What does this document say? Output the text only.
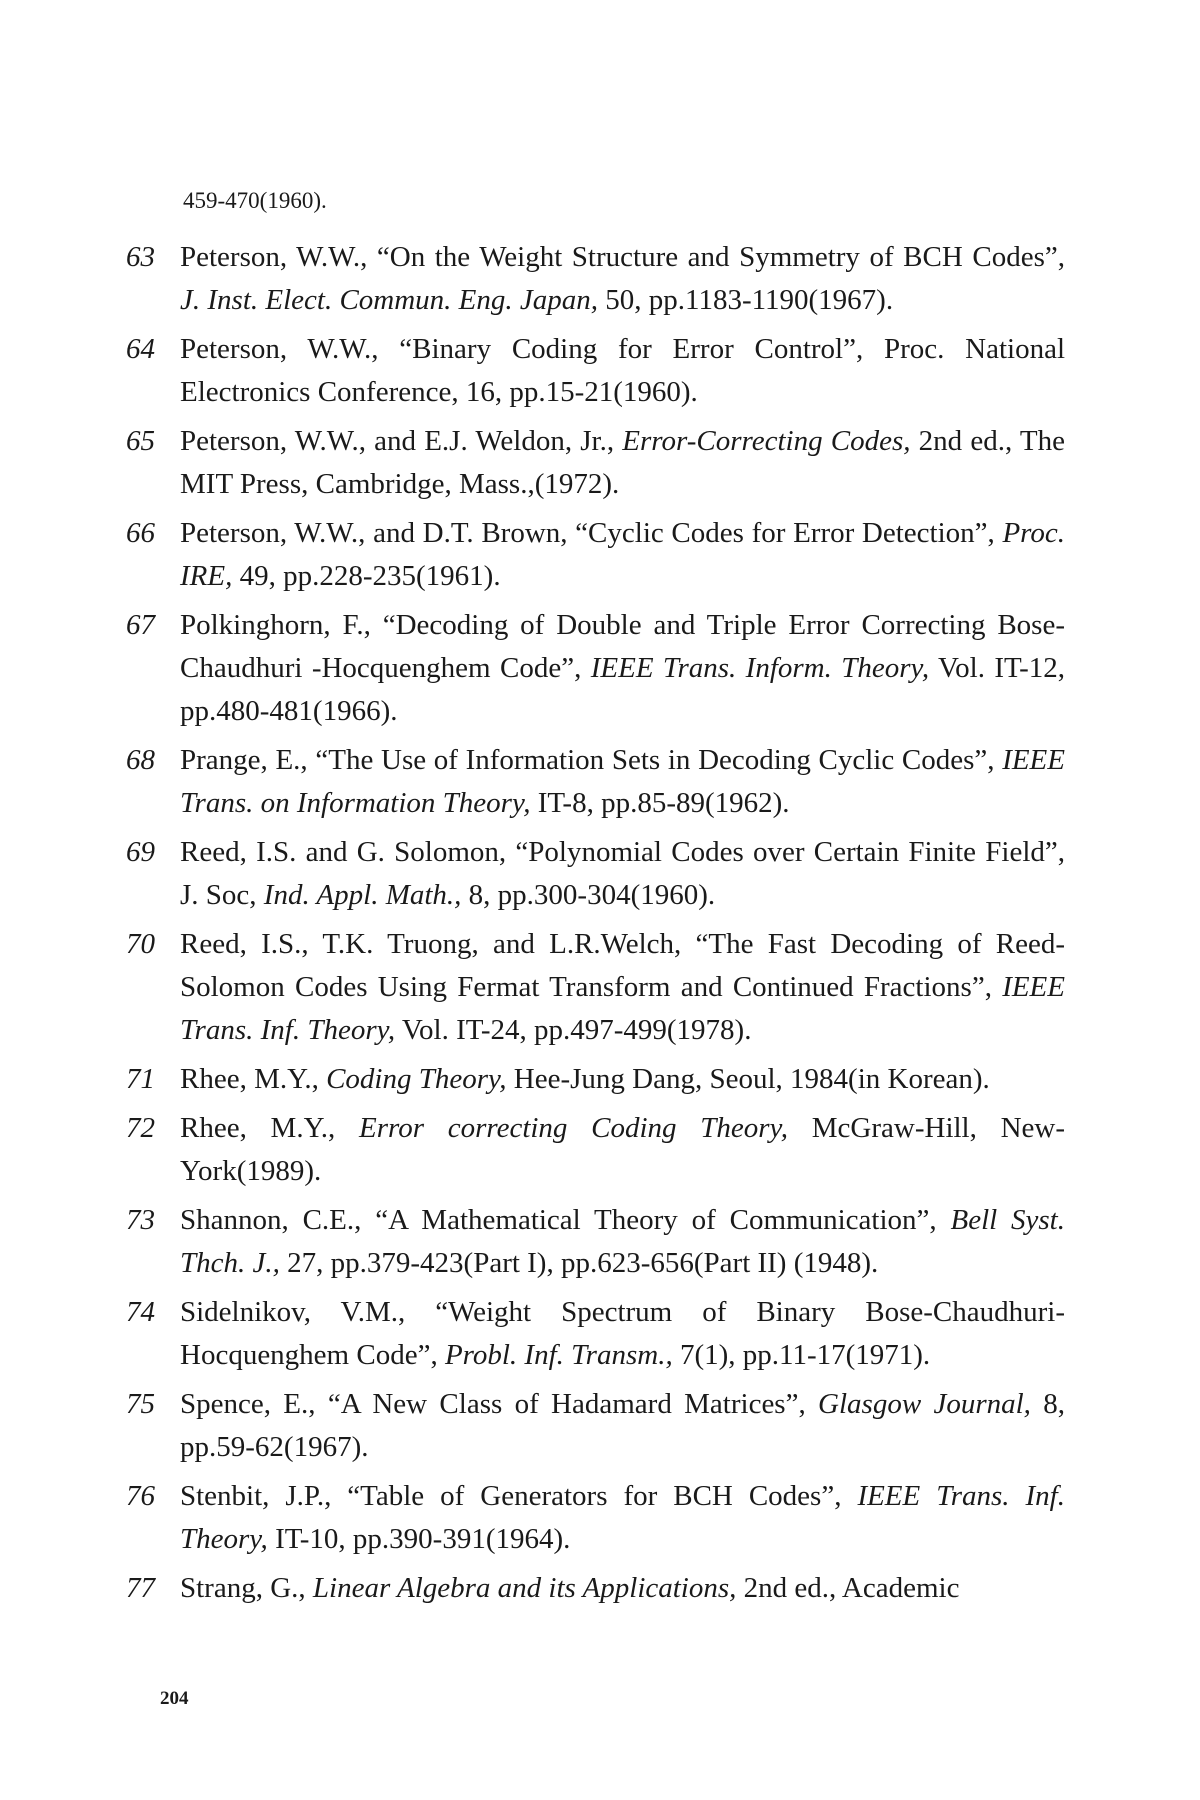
459-470(1960).
63 Peterson, W.W., “On the Weight Structure and Symmetry of BCH Codes”, J. Inst. Elect. Commun. Eng. Japan, 50, pp.1183-1190(1967).
64 Peterson, W.W., “Binary Coding for Error Control”, Proc. National Electronics Conference, 16, pp.15-21(1960).
65 Peterson, W.W., and E.J. Weldon, Jr., Error-Correcting Codes, 2nd ed., The MIT Press, Cambridge, Mass.,(1972).
66 Peterson, W.W., and D.T. Brown, “Cyclic Codes for Error Detection”, Proc. IRE, 49, pp.228-235(1961).
67 Polkinghorn, F., “Decoding of Double and Triple Error Correcting Bose-Chaudhuri -Hocquenghem Code”, IEEE Trans. Inform. Theory, Vol. IT-12, pp.480-481(1966).
68 Prange, E., “The Use of Information Sets in Decoding Cyclic Codes”, IEEE Trans. on Information Theory, IT-8, pp.85-89(1962).
69 Reed, I.S. and G. Solomon, “Polynomial Codes over Certain Finite Field”, J. Soc, Ind. Appl. Math., 8, pp.300-304(1960).
70 Reed, I.S., T.K. Truong, and L.R.Welch, “The Fast Decoding of Reed-Solomon Codes Using Fermat Transform and Continued Fractions”, IEEE Trans. Inf. Theory, Vol. IT-24, pp.497-499(1978).
71 Rhee, M.Y., Coding Theory, Hee-Jung Dang, Seoul, 1984(in Korean).
72 Rhee, M.Y., Error correcting Coding Theory, McGraw-Hill, New-York(1989).
73 Shannon, C.E., “A Mathematical Theory of Communication”, Bell Syst. Thch. J., 27, pp.379-423(Part I), pp.623-656(Part II) (1948).
74 Sidelnikov, V.M., “Weight Spectrum of Binary Bose-Chaudhuri-Hocquenghem Code”, Probl. Inf. Transm., 7(1), pp.11-17(1971).
75 Spence, E., “A New Class of Hadamard Matrices”, Glasgow Journal, 8, pp.59-62(1967).
76 Stenbit, J.P., “Table of Generators for BCH Codes”, IEEE Trans. Inf. Theory, IT-10, pp.390-391(1964).
77 Strang, G., Linear Algebra and its Applications, 2nd ed., Academic
204
